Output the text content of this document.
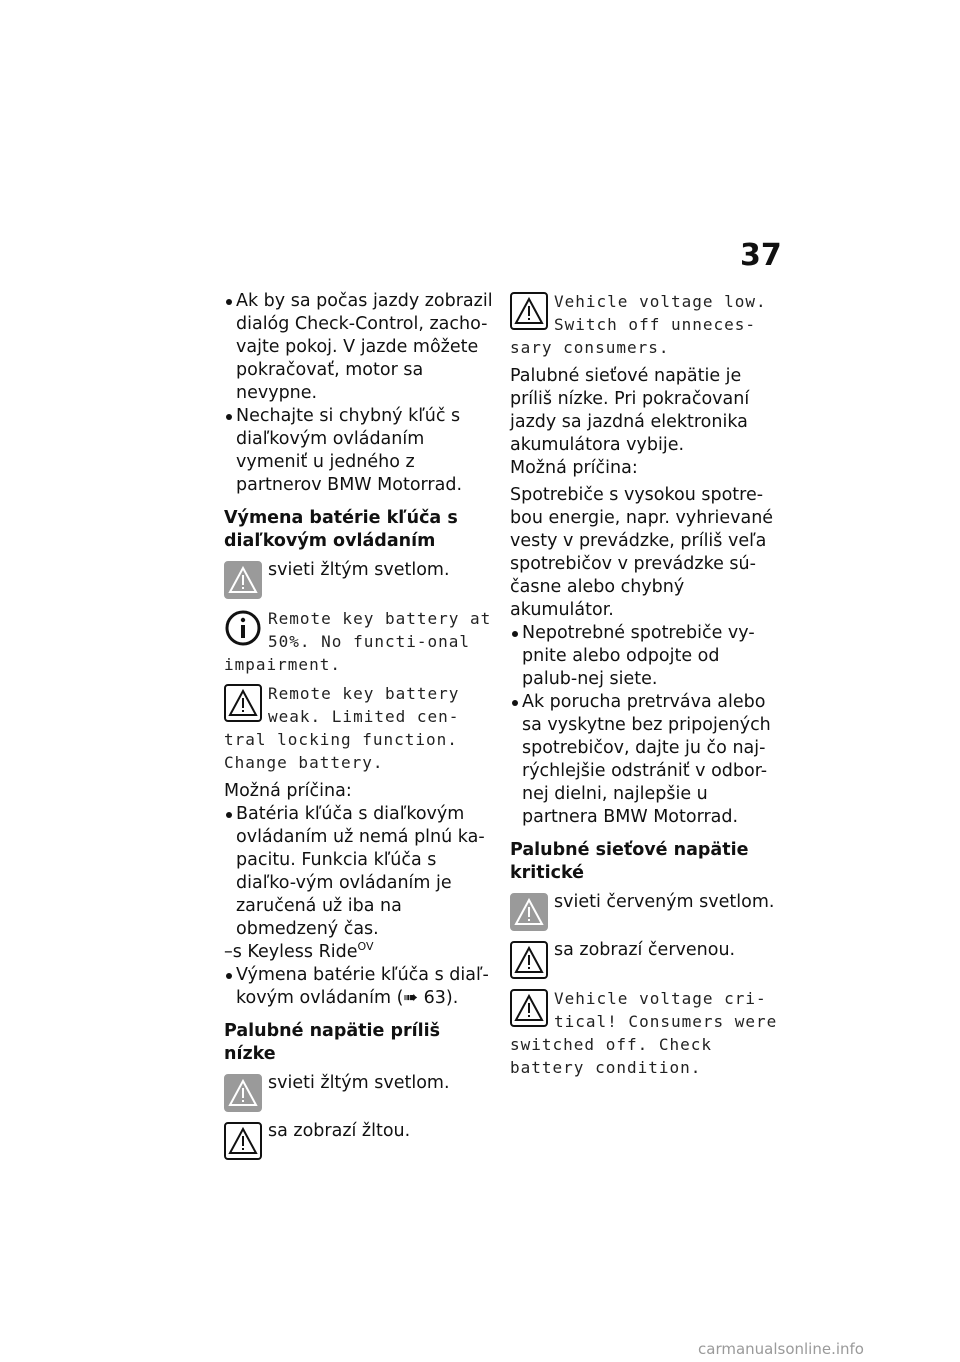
37

Ak by sa počas jazdy zobrazil dialóg Check-Control, zacho-vajte pokoj. V jazde môžete pokračovať, motor sa nevypne.

Nechajte si chybný kľúč s diaľkovým ovládaním vymeniť u jedného z partnerov BMW Motorrad.

Výmena batérie kľúča s diaľkovým ovládaním

svieti žltým svetlom.

Remote key battery at 50%. No functi-onal impairment.

Remote key battery weak. Limited cen-tral locking function. Change battery.

Možná príčina:

Batéria kľúča s diaľkovým ovládaním už nemá plnú ka-pacitu. Funkcia kľúča s diaľko-vým ovládaním je zaručená už iba na obmedzený čas.

–s Keyless Ride$^{OV}$

Výmena batérie kľúča s diaľ-kovým ovládaním (➠ 63).

Palubné napätie príliš nízke

svieti žltým svetlom.

sa zobrazí žltou.

Vehicle voltage low. Switch off unneces-sary consumers.

Palubné sieťové napätie je príliš nízke. Pri pokračovaní jazdy sa jazdná elektronika akumulátora vybije.

Možná príčina:

Spotrebiče s vysokou spotre-bou energie, napr. vyhrievané vesty v prevádzke, príliš veľa spotrebičov v prevádzke sú-časne alebo chybný akumulátor.

Nepotrebné spotrebiče vy-pnite alebo odpojte od palub-nej siete.

Ak porucha pretrváva alebo sa vyskytne bez pripojených spotrebičov, dajte ju čo naj-rýchlejšie odstrániť v odbor-nej dielni, najlepšie u partnera BMW Motorrad.

Palubné sieťové napätie kritické

svieti červeným svetlom.

sa zobrazí červenou.

Vehicle voltage cri-tical! Consumers were switched off. Check battery condition.

carmanualsonline.info
